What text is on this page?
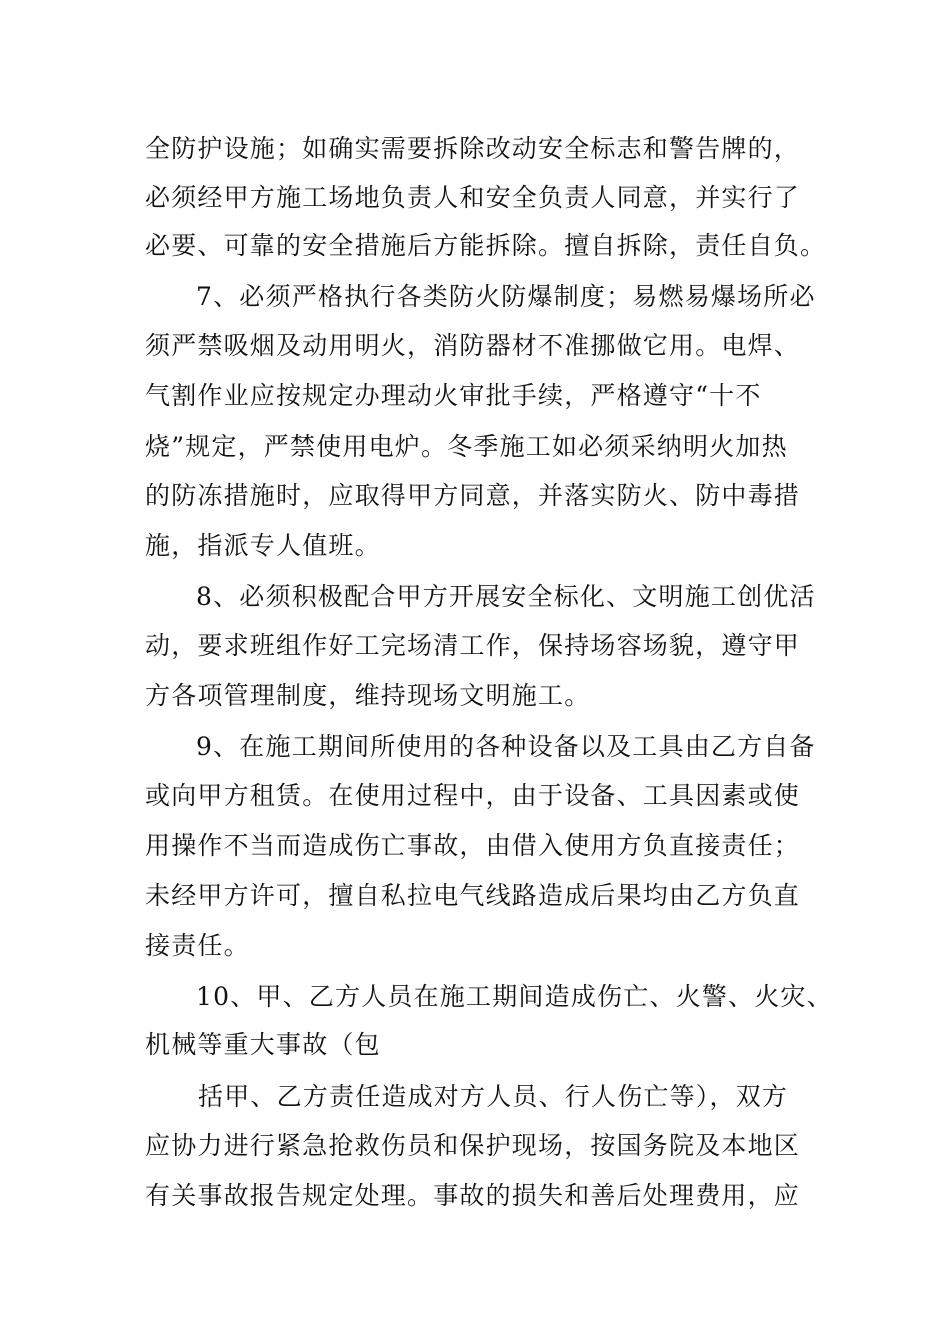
全防护设施；如确实需要拆除改动安全标志和警告牌的，
必须经甲方施工场地负责人和安全负责人同意，并实行了
必要、可靠的安全措施后方能拆除。擅自拆除，责任自负。
7、必须严格执行各类防火防爆制度；易燃易爆场所必
须严禁吸烟及动用明火，消防器材不准挪做它用。电焊、
气割作业应按规定办理动火审批手续，严格遵守“十不
烧”规定，严禁使用电炉。冬季施工如必须采纳明火加热
的防冻措施时，应取得甲方同意，并落实防火、防中毒措
施，指派专人值班。
8、必须积极配合甲方开展安全标化、文明施工创优活
动，要求班组作好工完场清工作，保持场容场貌，遵守甲
方各项管理制度，维持现场文明施工。
9、在施工期间所使用的各种设备以及工具由乙方自备
或向甲方租赁。在使用过程中，由于设备、工具因素或使
用操作不当而造成伤亡事故，由借入使用方负直接责任；
未经甲方许可，擅自私拉电气线路造成后果均由乙方负直
接责任。
10、甲、乙方人员在施工期间造成伤亡、火警、火灾、
机械等重大事故（包
括甲、乙方责任造成对方人员、行人伤亡等），双方
应协力进行紧急抢救伤员和保护现场，按国务院及本地区
有关事故报告规定处理。事故的损失和善后处理费用，应
